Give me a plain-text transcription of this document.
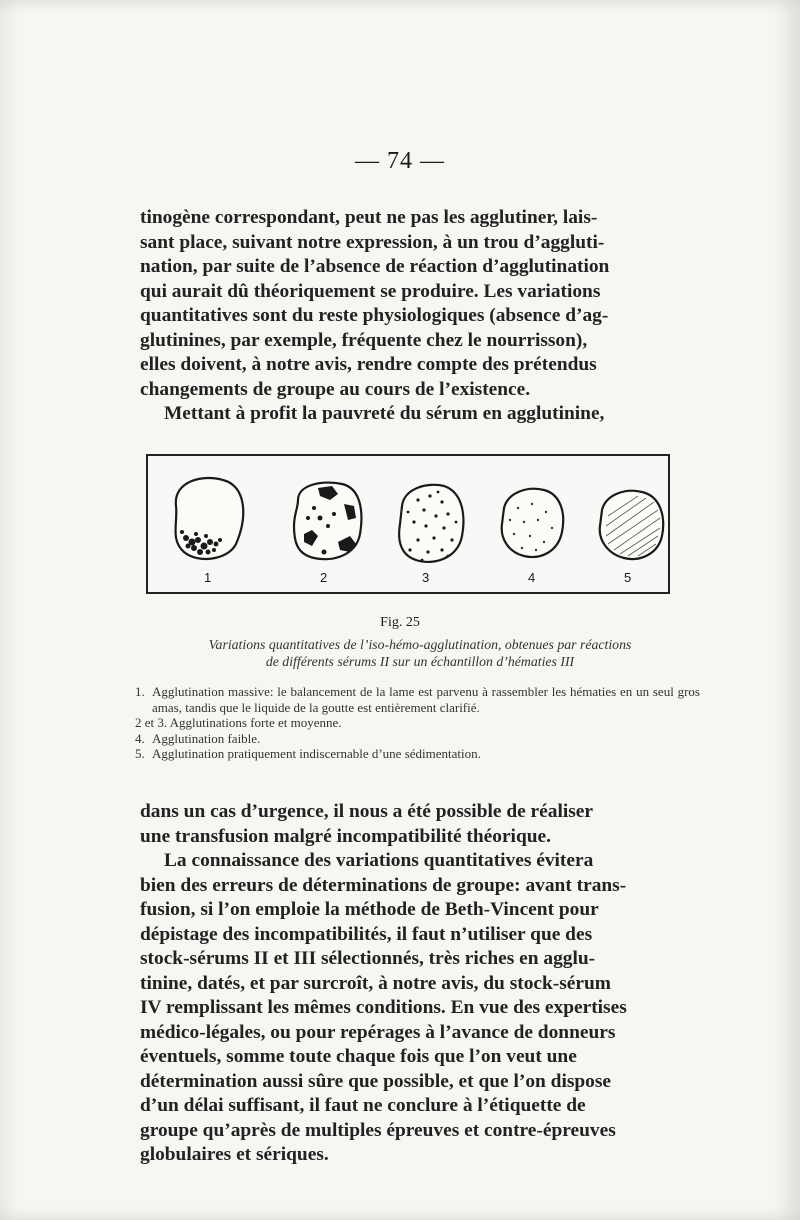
— 74 —

tinogène correspondant, peut ne pas les agglutiner, lais-

sant place, suivant notre expression, à un trou d’aggluti-

nation, par suite de l’absence de réaction d’agglutination

qui aurait dû théoriquement se produire. Les variations

quantitatives sont du reste physiologiques (absence d’ag-

glutinines, par exemple, fréquente chez le nourrisson),

elles doivent, à notre avis, rendre compte des prétendus

changements de groupe au cours de l’existence.

Mettant à profit la pauvreté du sérum en agglutinine,

1	2	3	4	5
Fig. 25
Variations quantitatives de l’iso-hémo-agglutination, obtenues par réactions
de différents sérums II sur un échantillon d’hématies III
1. Agglutination massive: le balancement de la lame est parvenu à rassembler les hématies en un seul gros amas, tandis que le liquide de la goutte est entièrement clarifié.
2 et 3. Agglutinations forte et moyenne.
4. Agglutination faible.
5. Agglutination pratiquement indiscernable d’une sédimentation.

dans un cas d’urgence, il nous a été possible de réaliser

une transfusion malgré incompatibilité théorique.

La connaissance des variations quantitatives évitera

bien des erreurs de déterminations de groupe: avant trans-

fusion, si l’on emploie la méthode de Beth-Vincent pour

dépistage des incompatibilités, il faut n’utiliser que des

stock-sérums II et III sélectionnés, très riches en agglu-

tinine, datés, et par surcroît, à notre avis, du stock-sérum

IV remplissant les mêmes conditions. En vue des expertises

médico-légales, ou pour repérages à l’avance de donneurs

éventuels, somme toute chaque fois que l’on veut une

détermination aussi sûre que possible, et que l’on dispose

d’un délai suffisant, il faut ne conclure à l’étiquette de

groupe qu’après de multiples épreuves et contre-épreuves

globulaires et sériques.
